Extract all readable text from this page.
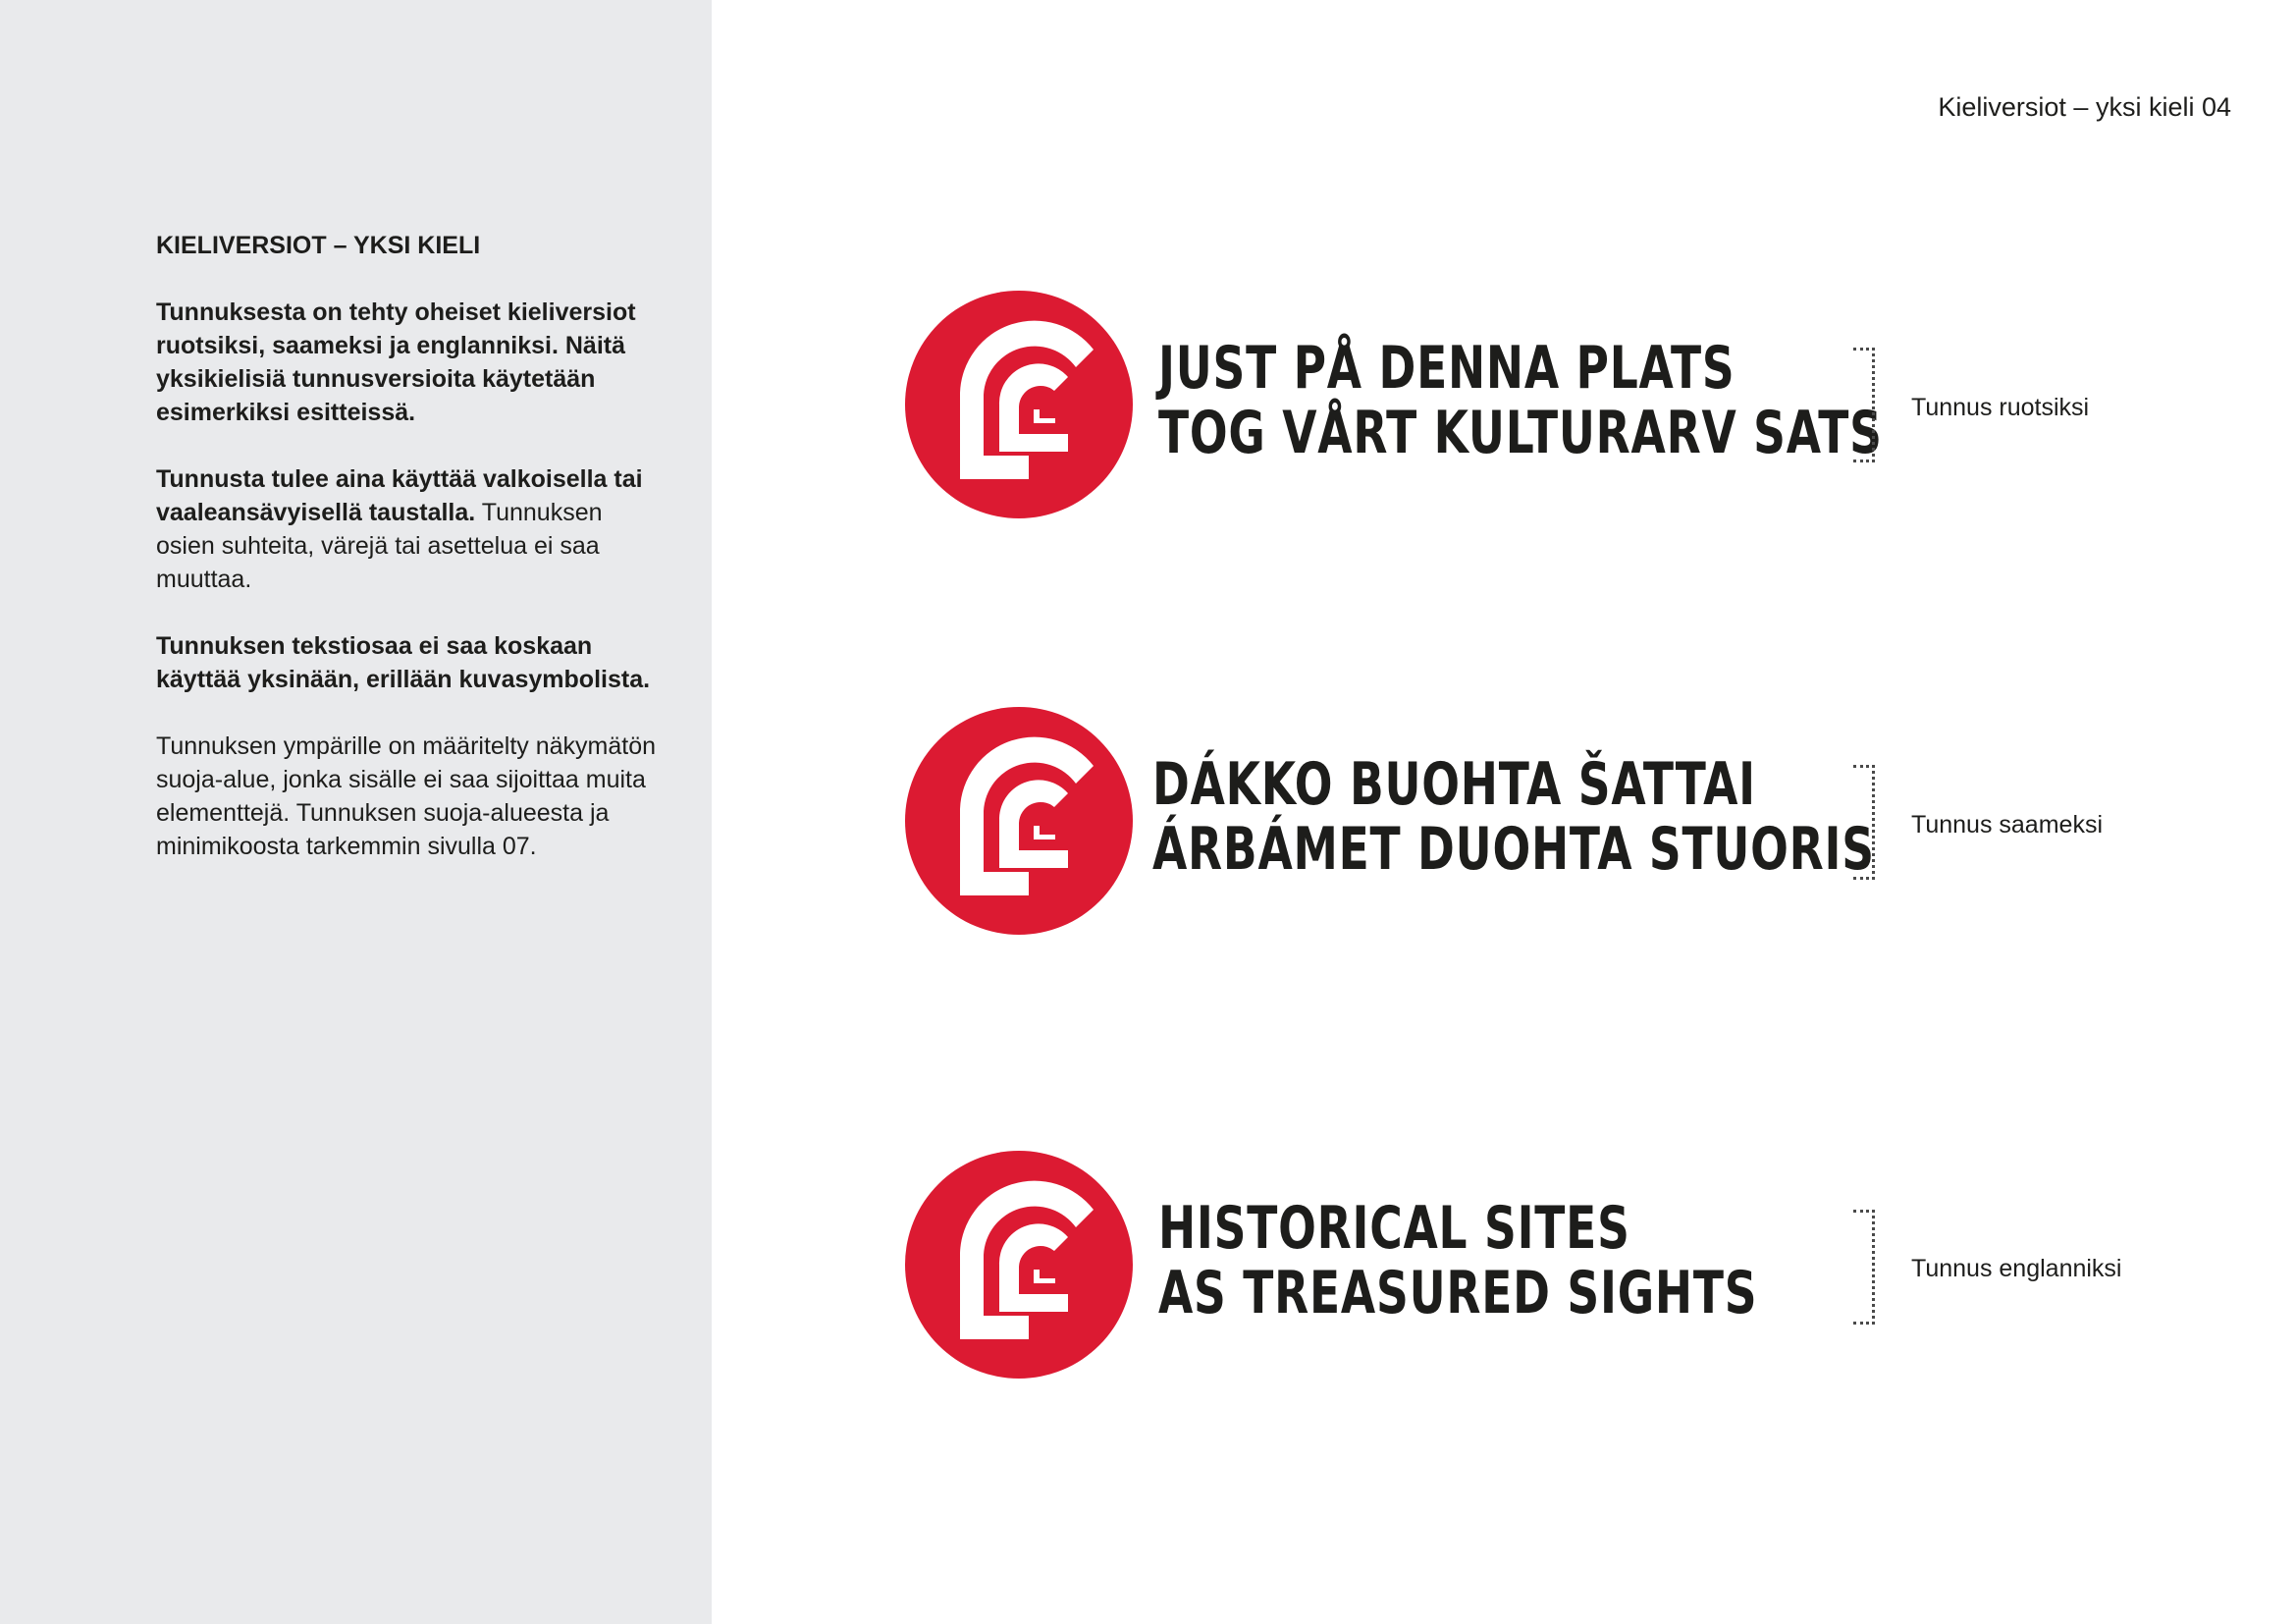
KIELIVERSIOT – YKSI KIELI
Tunnuksesta on tehty oheiset kieliversiot ruotsiksi, saameksi ja englanniksi. Näitä yksikielisiä tunnusversioita käytetään esimerkiksi esitteissä.
Tunnusta tulee aina käyttää valkoisella tai vaaleansävyisellä taustalla. Tunnuksen osien suhteita, värejä tai asettelua ei saa muuttaa.
Tunnuksen tekstiosaa ei saa koskaan käyttää yksinään, erillään kuvasymbolista.
Tunnuksen ympärille on määritelty näkymätön suoja-alue, jonka sisälle ei saa sijoittaa muita elementtejä. Tunnuksen suoja-alueesta ja minimikoosta tarkemmin sivulla 07.
Kieliversiot – yksi kieli 04
JUST PÅ DENNA PLATS
TOG VÅRT KULTURARV SATS Tunnus ruotsiksi
DÁKKO BUOHTA ŠATTAI
ÁRBÁMET DUOHTA STUORIS Tunnus saameksi
HISTORICAL SITES
AS TREASURED SIGHTS	Tunnus englanniksi
